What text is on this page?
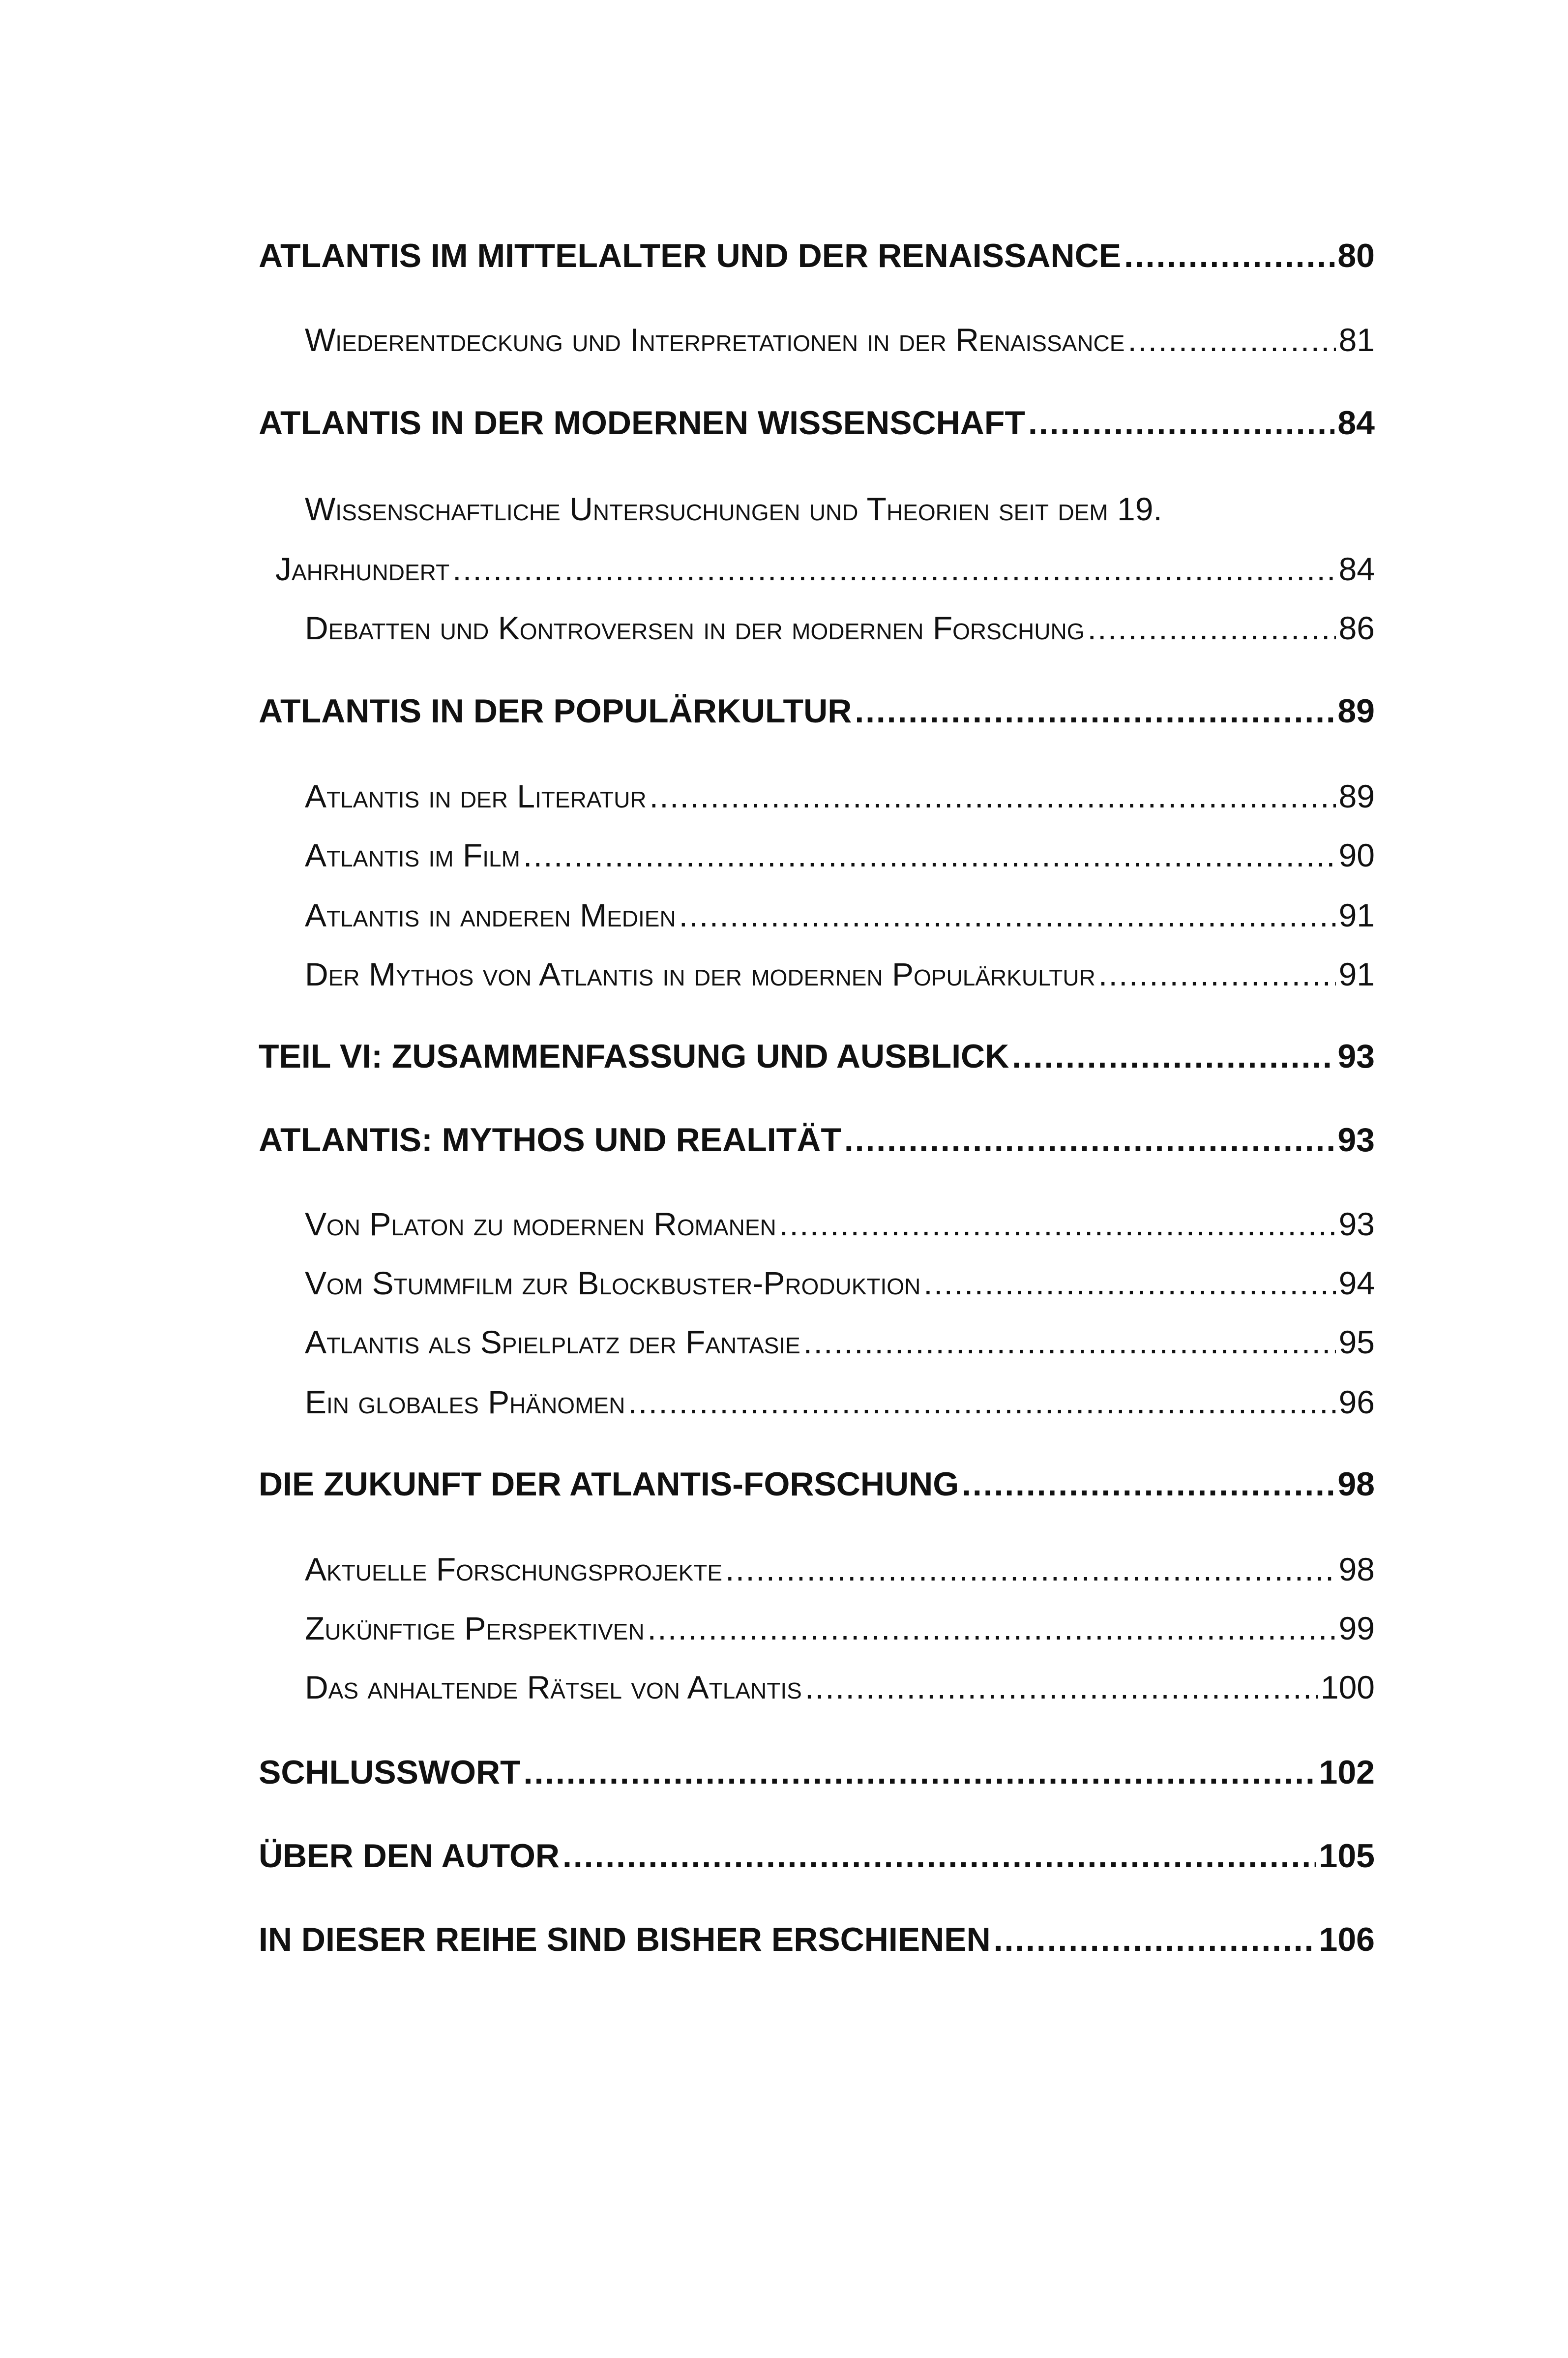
ATLANTIS IM MITTELALTER UND DER RENAISSANCE . . .	80
Wiederentdeckung und Interpretationen in der Renaissance . . .	81
ATLANTIS IN DER MODERNEN WISSENSCHAFT . . .	84
Wissenschaftliche Untersuchungen und Theorien seit dem 19.
Jahrhundert . . .	84
Debatten und Kontroversen in der modernen Forschung . . .	86
ATLANTIS IN DER POPULÄRKULTUR . . .	89
Atlantis in der Literatur . . .	89
Atlantis im Film . . .	90
Atlantis in anderen Medien . . .	91
Der Mythos von Atlantis in der modernen Populärkultur . . .	91
TEIL VI: ZUSAMMENFASSUNG UND AUSBLICK . . .	93
ATLANTIS: MYTHOS UND REALITÄT . . .	93
Von Platon zu modernen Romanen . . .	93
Vom Stummfilm zur Blockbuster-Produktion . . .	94
Atlantis als Spielplatz der Fantasie . . .	95
Ein globales Phänomen . . .	96
DIE ZUKUNFT DER ATLANTIS-FORSCHUNG . . .	98
Aktuelle Forschungsprojekte . . .	98
Zukünftige Perspektiven . . .	99
Das anhaltende Rätsel von Atlantis . . .	100
SCHLUSSWORT . . .	102
ÜBER DEN AUTOR . . .	105
IN DIESER REIHE SIND BISHER ERSCHIENEN . . .	106
